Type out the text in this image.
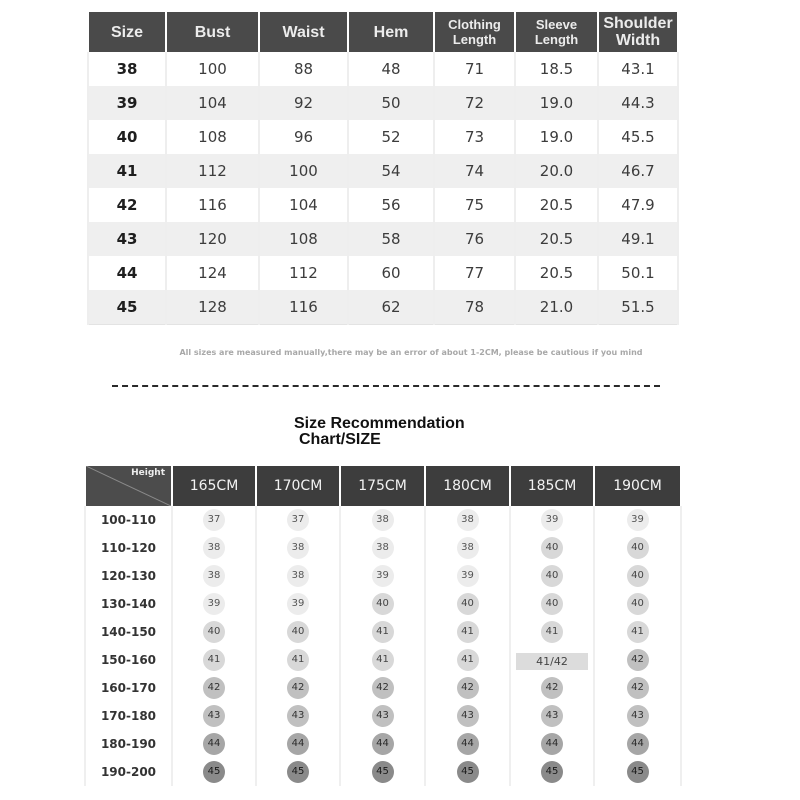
Size	Bust	Waist	Hem	Clothing Length	Sleeve Length	Shoulder Width
38	100	88	48	71	18.5	43.1
39	104	92	50	72	19.0	44.3
40	108	96	52	73	19.0	45.5
41	112	100	54	74	20.0	46.7
42	116	104	56	75	20.5	47.9
43	120	108	58	76	20.5	49.1
44	124	112	60	77	20.5	50.1
45	128	116	62	78	21.0	51.5
All sizes are measured manually,there may be an error of about 1-2CM, please be cautious if you mind
Size Recommendation
Chart/SIZE
Height	165CM	170CM	175CM	180CM	185CM	190CM
100-110	37	37	38	38	39	39
110-120	38	38	38	38	40	40
120-130	38	38	39	39	40	40
130-140	39	39	40	40	40	40
140-150	40	40	41	41	41	41
150-160	41	41	41	41	41/42	42
160-170	42	42	42	42	42	42
170-180	43	43	43	43	43	43
180-190	44	44	44	44	44	44
190-200	45	45	45	45	45	45
